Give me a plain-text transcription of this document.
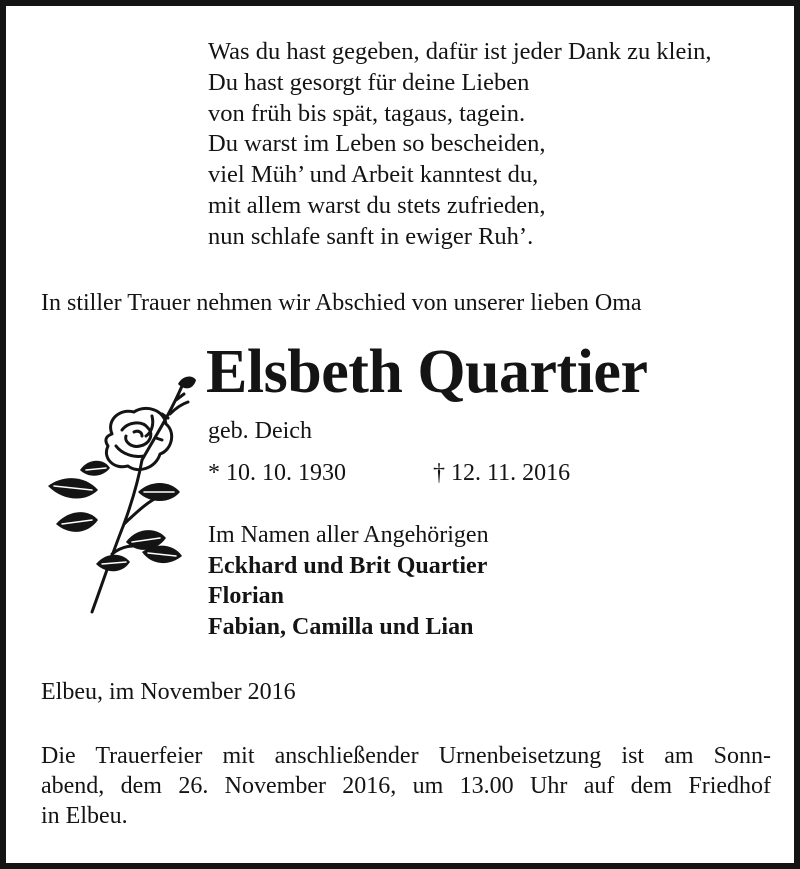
Was du hast gegeben, dafür ist jeder Dank zu klein,
Du hast gesorgt für deine Lieben
von früh bis spät, tagaus, tagein.
Du warst im Leben so bescheiden,
viel Müh’ und Arbeit kanntest du,
mit allem warst du stets zufrieden,
nun schlafe sanft in ewiger Ruh’.
In stiller Trauer nehmen wir Abschied von unserer lieben Oma
Elsbeth Quartier
geb. Deich
* 10. 10. 1930	† 12. 11. 2016
Im Namen aller Angehörigen
Eckhard und Brit Quartier
Florian
Fabian, Camilla und Lian
Elbeu, im November 2016
Die Trauerfeier mit anschließender Urnenbeisetzung ist am Sonn-
abend, dem 26. November 2016, um 13.00 Uhr auf dem Friedhof
in Elbeu.
